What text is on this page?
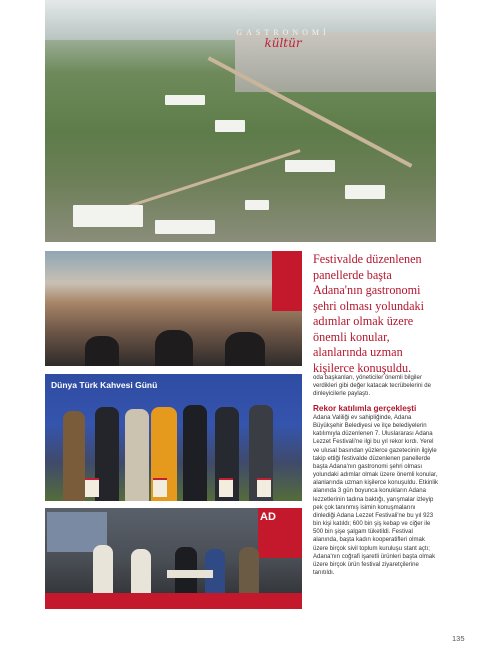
GASTRONOMİ
kültür
Dünya Türk Kahvesi Günü
AD
Festivalde düzenlenen panellerde başta Adana'nın gastronomi şehri olması yolundaki adımlar olmak üzere önemli konular, alanlarında uzman kişilerce konuşuldu.
oda başkanları, yöneticiler önemli bilgiler verdikleri gibi değer katacak tecrübelerini de dinleyicilerle paylaştı.
Rekor katılımla gerçekleşti
Adana Valiliği ev sahipliğinde, Adana Büyükşehir Belediyesi ve ilçe belediyelerin katılımıyla düzenlenen 7. Uluslararası Adana Lezzet Festivali'ne ilgi bu yıl rekor kırdı. Yerel ve ulusal basından yüzlerce gazetecinin ilgiyle takip ettiği festivalde düzenlenen panellerde başta Adana'nın gastronomi şehri olması yolundaki adımlar olmak üzere önemli konular, alanlarında uzman kişilerce konuşuldu. Etkinlik alanında 3 gün boyunca konukların Adana lezzetlerinin tadına baktığı, yarışmalar izleyip pek çok tanınmış isimin konuşmalarını dinlediği Adana Lezzet Festivali'ne bu yıl 923 bin kişi katıldı; 600 bin şiş kebap ve ciğer ile 500 bin şişe şalgam tüketildi. Festival alanında, başta kadın kooperatifleri olmak üzere birçok sivil toplum kuruluşu stant açtı; Adana'nın coğrafi işaretli ürünleri başta olmak üzere birçok ürün festival ziyaretçilerine tanıtıldı.
135
